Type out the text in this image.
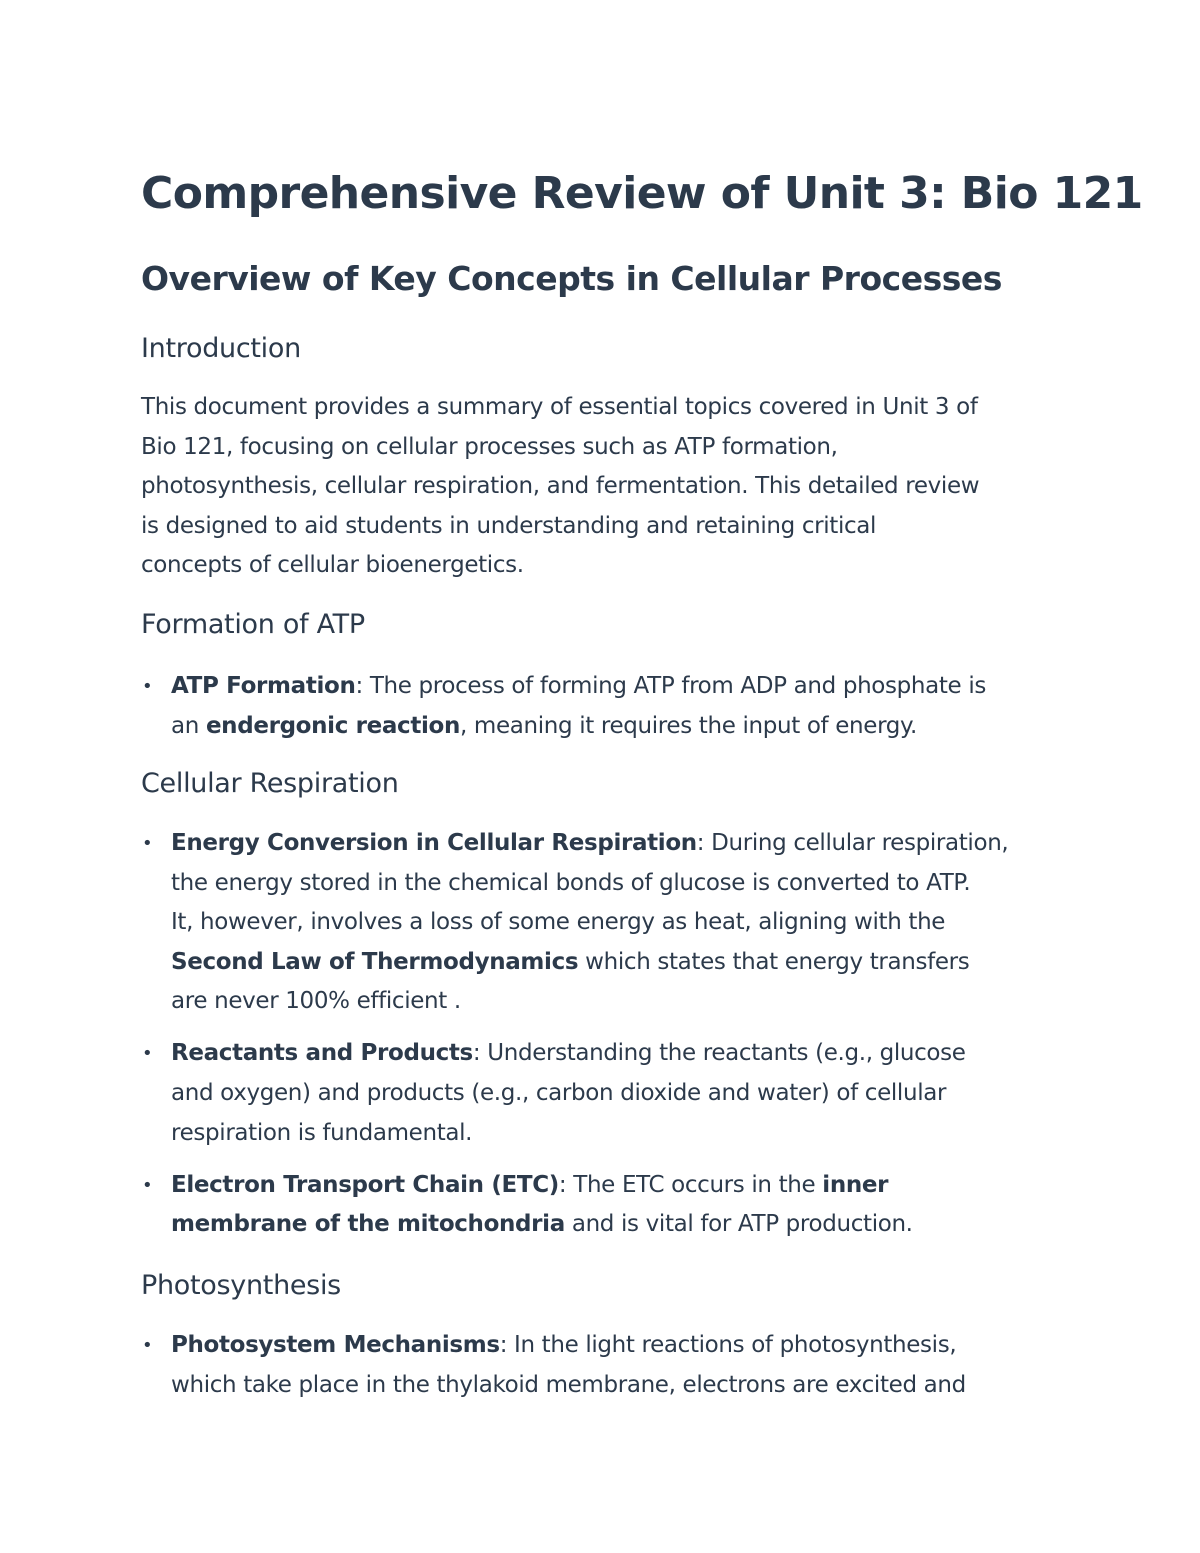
Comprehensive Review of Unit 3: Bio 121
Overview of Key Concepts in Cellular Processes
Introduction
This document provides a summary of essential topics covered in Unit 3 of
Bio 121, focusing on cellular processes such as ATP formation,
photosynthesis, cellular respiration, and fermentation. This detailed review
is designed to aid students in understanding and retaining critical
concepts of cellular bioenergetics.
Formation of ATP
• ATP Formation: The process of forming ATP from ADP and phosphate is
an endergonic reaction, meaning it requires the input of energy.
Cellular Respiration
• Energy Conversion in Cellular Respiration: During cellular respiration,
the energy stored in the chemical bonds of glucose is converted to ATP.
It, however, involves a loss of some energy as heat, aligning with the
Second Law of Thermodynamics which states that energy transfers
are never 100% efficient .
• Reactants and Products: Understanding the reactants (e.g., glucose
and oxygen) and products (e.g., carbon dioxide and water) of cellular
respiration is fundamental.
• Electron Transport Chain (ETC): The ETC occurs in the inner
membrane of the mitochondria and is vital for ATP production.
Photosynthesis
• Photosystem Mechanisms: In the light reactions of photosynthesis,
which take place in the thylakoid membrane, electrons are excited and
